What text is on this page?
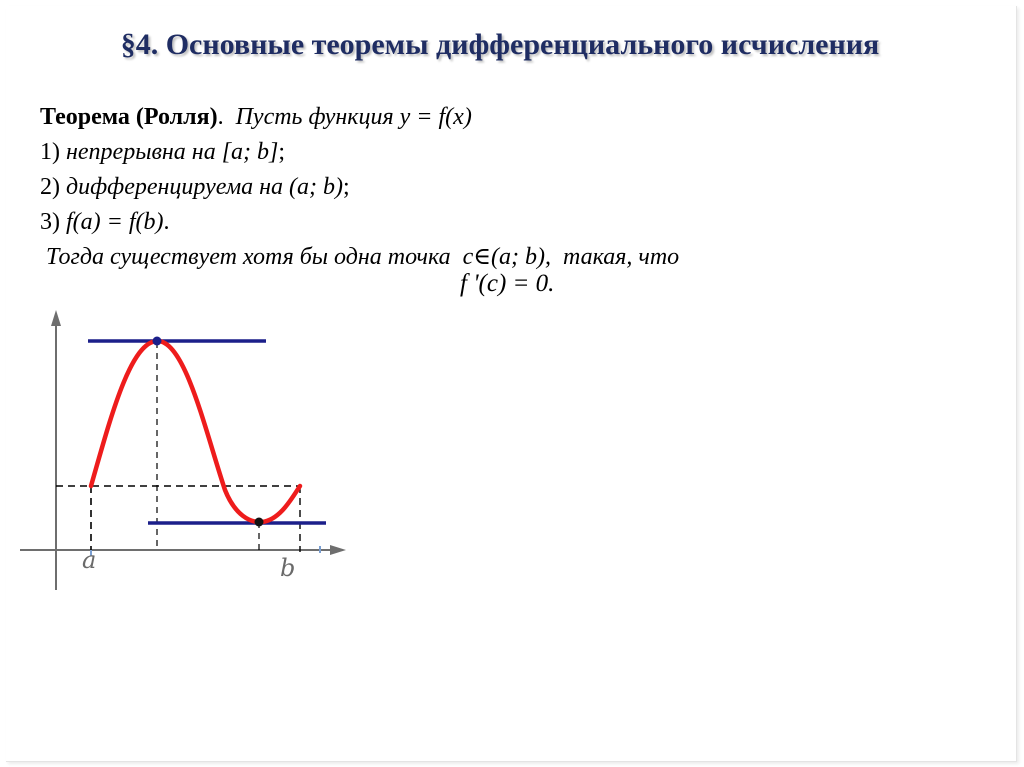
§4. Основные теоремы дифференциального исчисления
Теорема (Ролля). Пусть функция y = f(x)
1) непрерывна на [a; b];
2) дифференцируема на (a; b);
3) f(a) = f(b).
Тогда существует хотя бы одна точка c∈(a; b), такая, что
f '(c) = 0.
a	b
